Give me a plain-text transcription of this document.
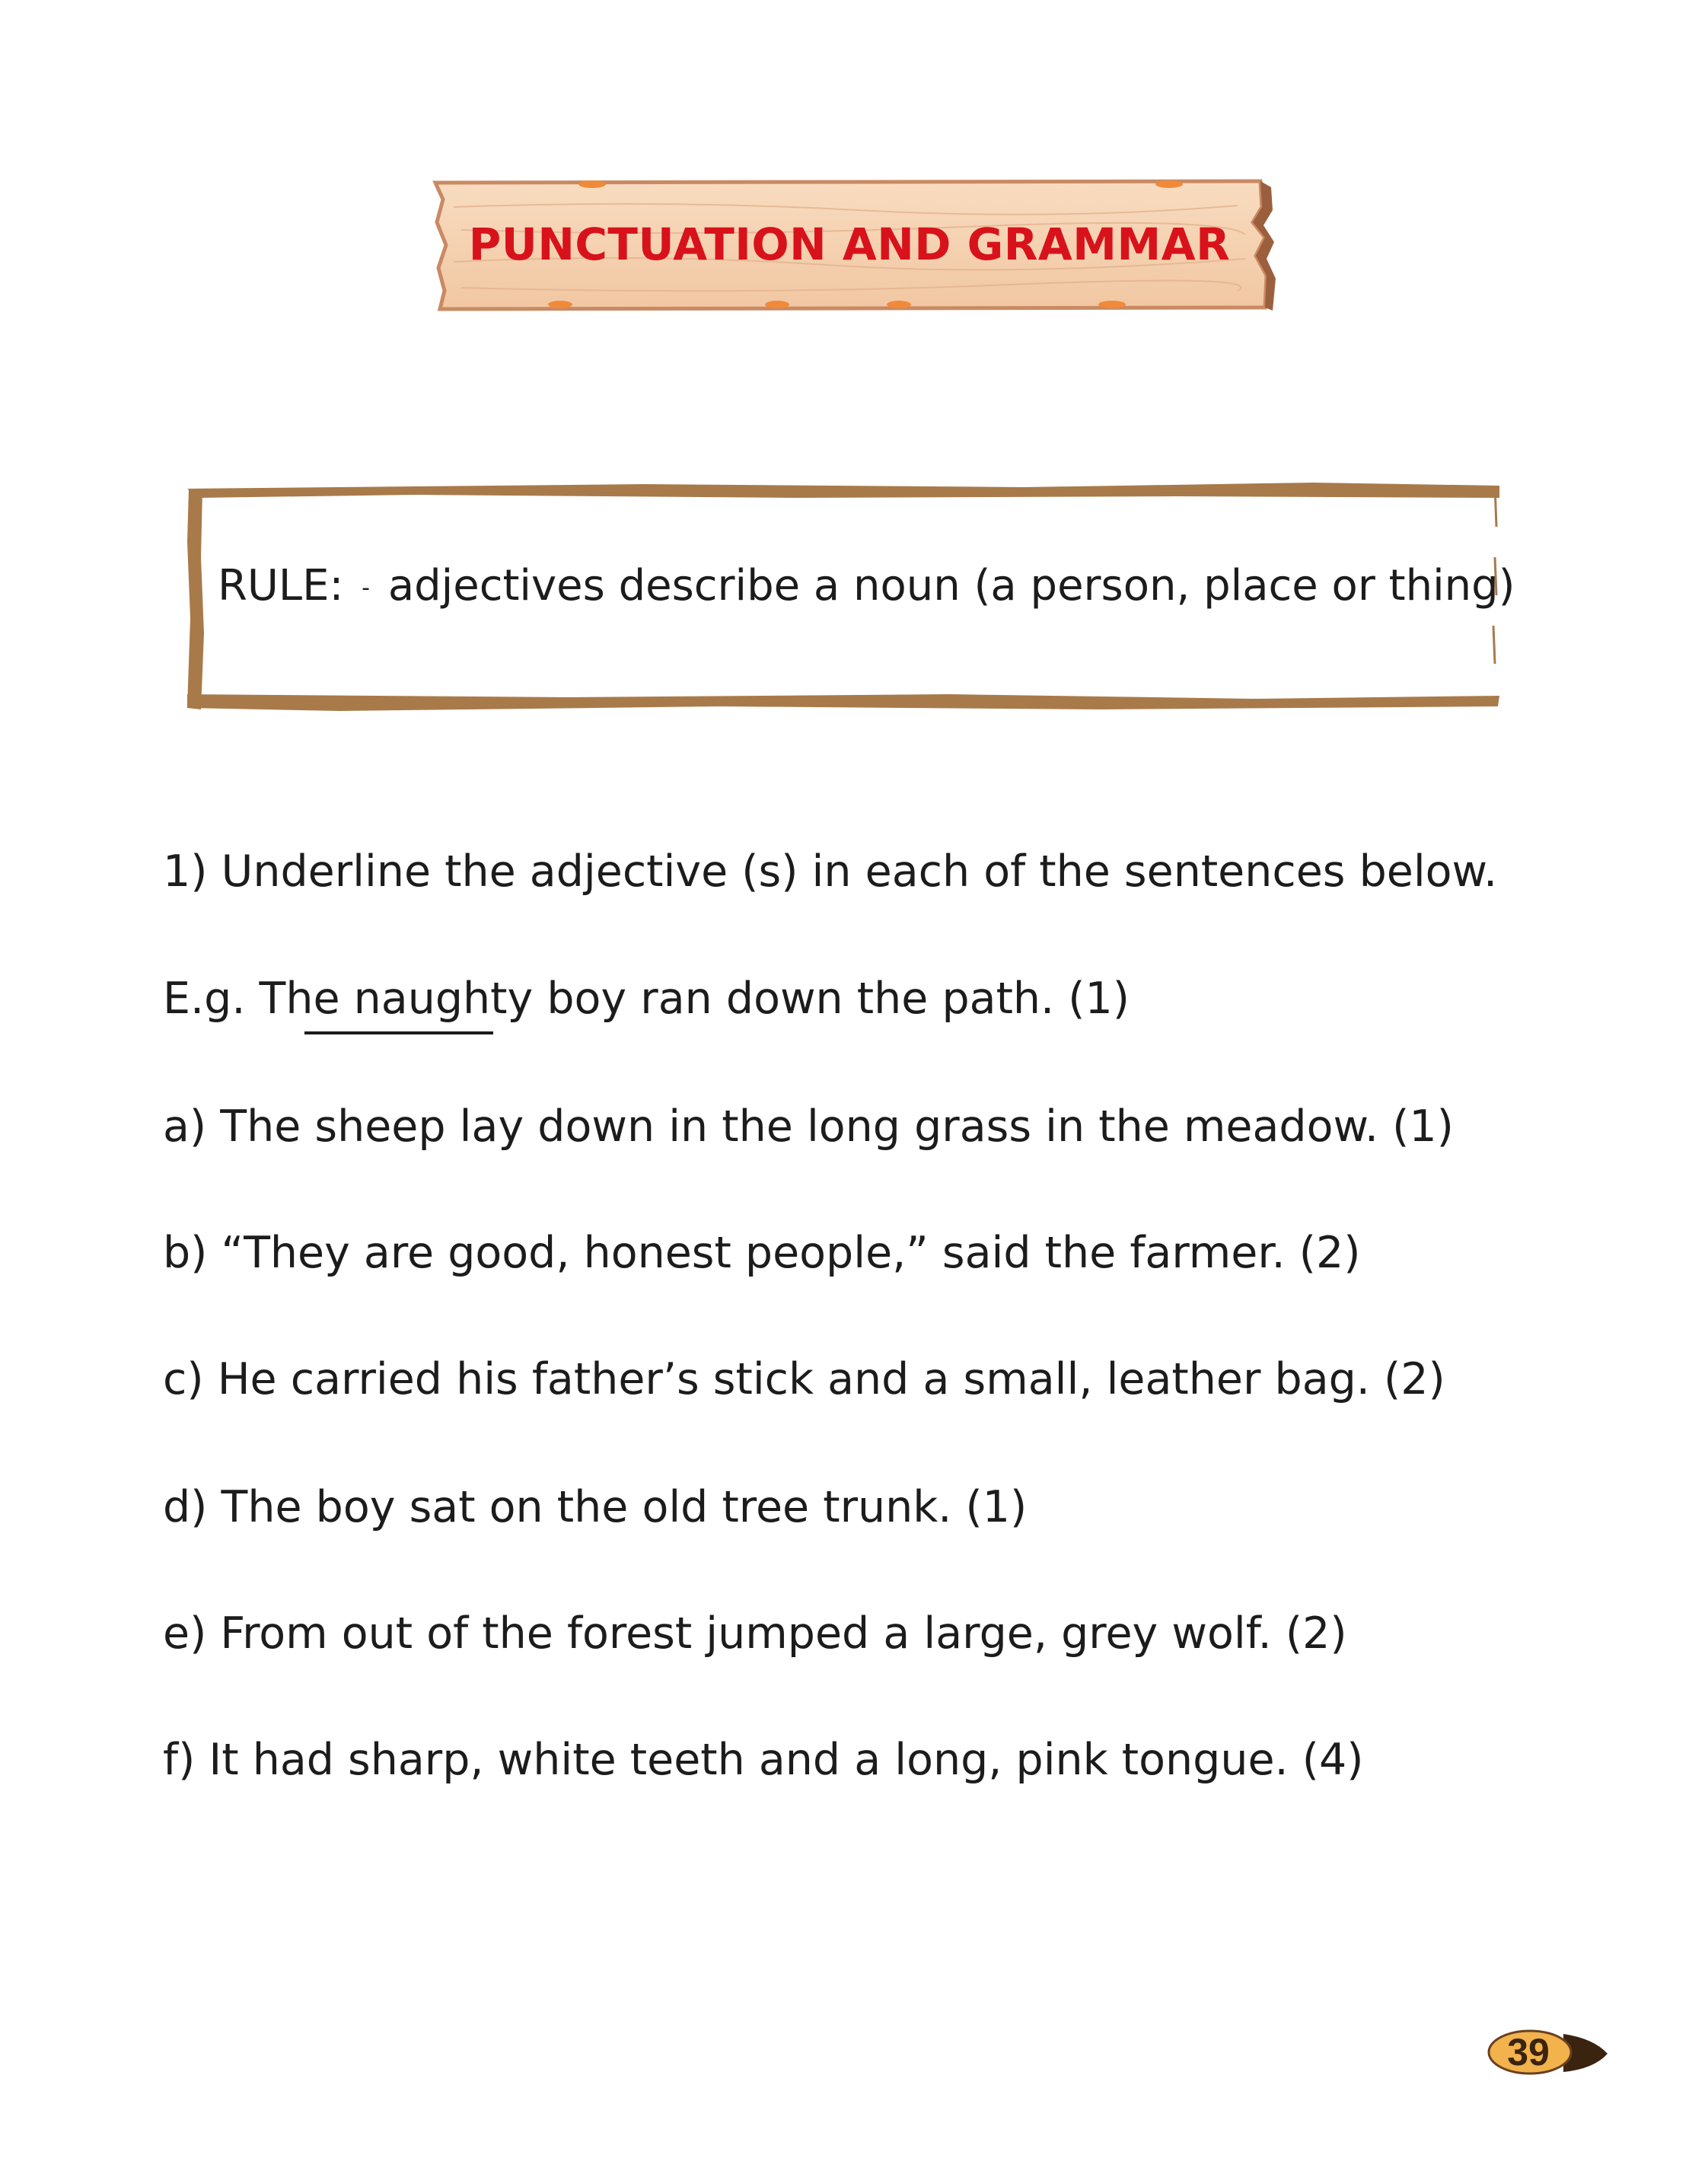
PUNCTUATION AND GRAMMAR
RULE: - adjectives describe a noun (a person, place or thing)
1) Underline the adjective (s) in each of the sentences below.
E.g. The naughty boy ran down the path. (1)
a) The sheep lay down in the long grass in the meadow. (1)
b) “They are good, honest people,” said the farmer. (2)
c) He carried his father’s stick and a small, leather bag. (2)
d) The boy sat on the old tree trunk. (1)
e) From out of the forest jumped a large, grey wolf. (2)
f) It had sharp, white teeth and a long, pink tongue. (4)
39
